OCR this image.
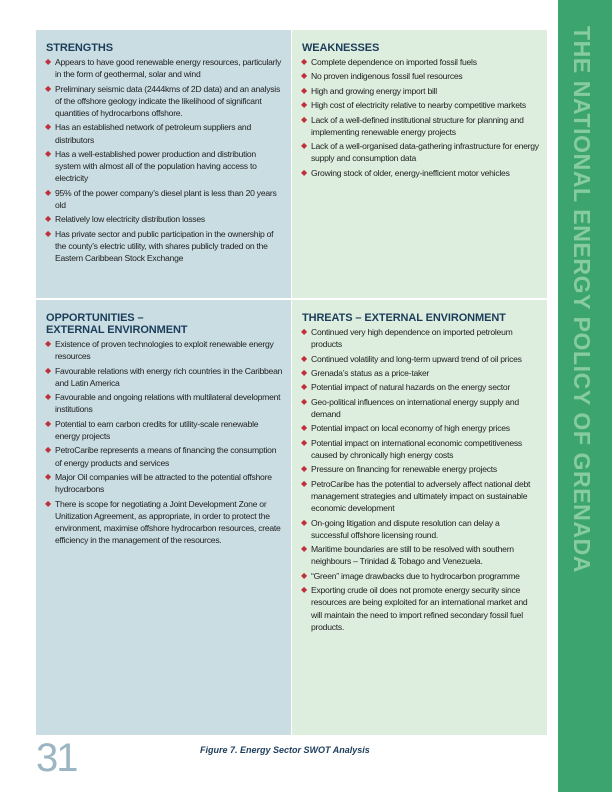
STRENGTHS
◆ Appears to have good renewable energy resources, particularly in the form of geothermal, solar and wind
◆ Preliminary seismic data (2444kms of 2D data) and an analysis of the offshore geology indicate the likelihood of significant quantities of hydrocarbons offshore.
◆ Has an established network of petroleum suppliers and distributors
◆ Has a well-established power production and distribution system with almost all of the population having access to electricity
◆ 95% of the power company’s diesel plant is less than 20 years old
◆ Relatively low electricity distribution losses
◆ Has private sector and public participation in the ownership of the county’s electric utility, with shares publicly traded on the Eastern Caribbean Stock Exchange
WEAKNESSES
◆ Complete dependence on imported fossil fuels
◆ No proven indigenous fossil fuel resources
◆ High and growing energy import bill
◆ High cost of electricity relative to nearby competitive markets
◆ Lack of a well-defined institutional structure for planning and implementing renewable energy projects
◆ Lack of a well-organised data-gathering infrastructure for energy supply and consumption data
◆ Growing stock of older, energy-inefficient motor vehicles
OPPORTUNITIES –
EXTERNAL ENVIRONMENT
◆ Existence of proven technologies to exploit renewable energy resources
◆ Favourable relations with energy rich countries in the Caribbean and Latin America
◆ Favourable and ongoing relations with multilateral development institutions
◆ Potential to earn carbon credits for utility-scale renewable energy projects
◆ PetroCaribe represents a means of financing the consumption of energy products and services
◆ Major Oil companies will be attracted to the potential offshore hydrocarbons
◆ There is scope for negotiating a Joint Development Zone or Unitization Agreement, as appropriate, in order to protect the environment, maximise offshore hydrocarbon resources, create efficiency in the management of the resources.
THREATS – EXTERNAL ENVIRONMENT
◆ Continued very high dependence on imported petroleum products
◆ Continued volatility and long-term upward trend of oil prices
◆ Grenada’s status as a price-taker
◆ Potential impact of natural hazards on the energy sector
◆ Geo-political influences on international energy supply and demand
◆ Potential impact on local economy of high energy prices
◆ Potential impact on international economic competitiveness caused by chronically high energy costs
◆ Pressure on financing for renewable energy projects
◆ PetroCaribe has the potential to adversely affect national debt management strategies and ultimately impact on sustainable economic development
◆ On-going litigation and dispute resolution can delay a successful offshore licensing round.
◆ Maritime boundaries are still to be resolved with southern neighbours – Trinidad & Tobago and Venezuela.
◆ “Green” image drawbacks due to hydrocarbon programme
◆ Exporting crude oil does not promote energy security since resources are being exploited for an international market and will maintain the need to import refined secondary fossil fuel products.
31	Figure 7. Energy Sector SWOT Analysis
THE NATIONAL ENERGY POLICY OF GRENADA
